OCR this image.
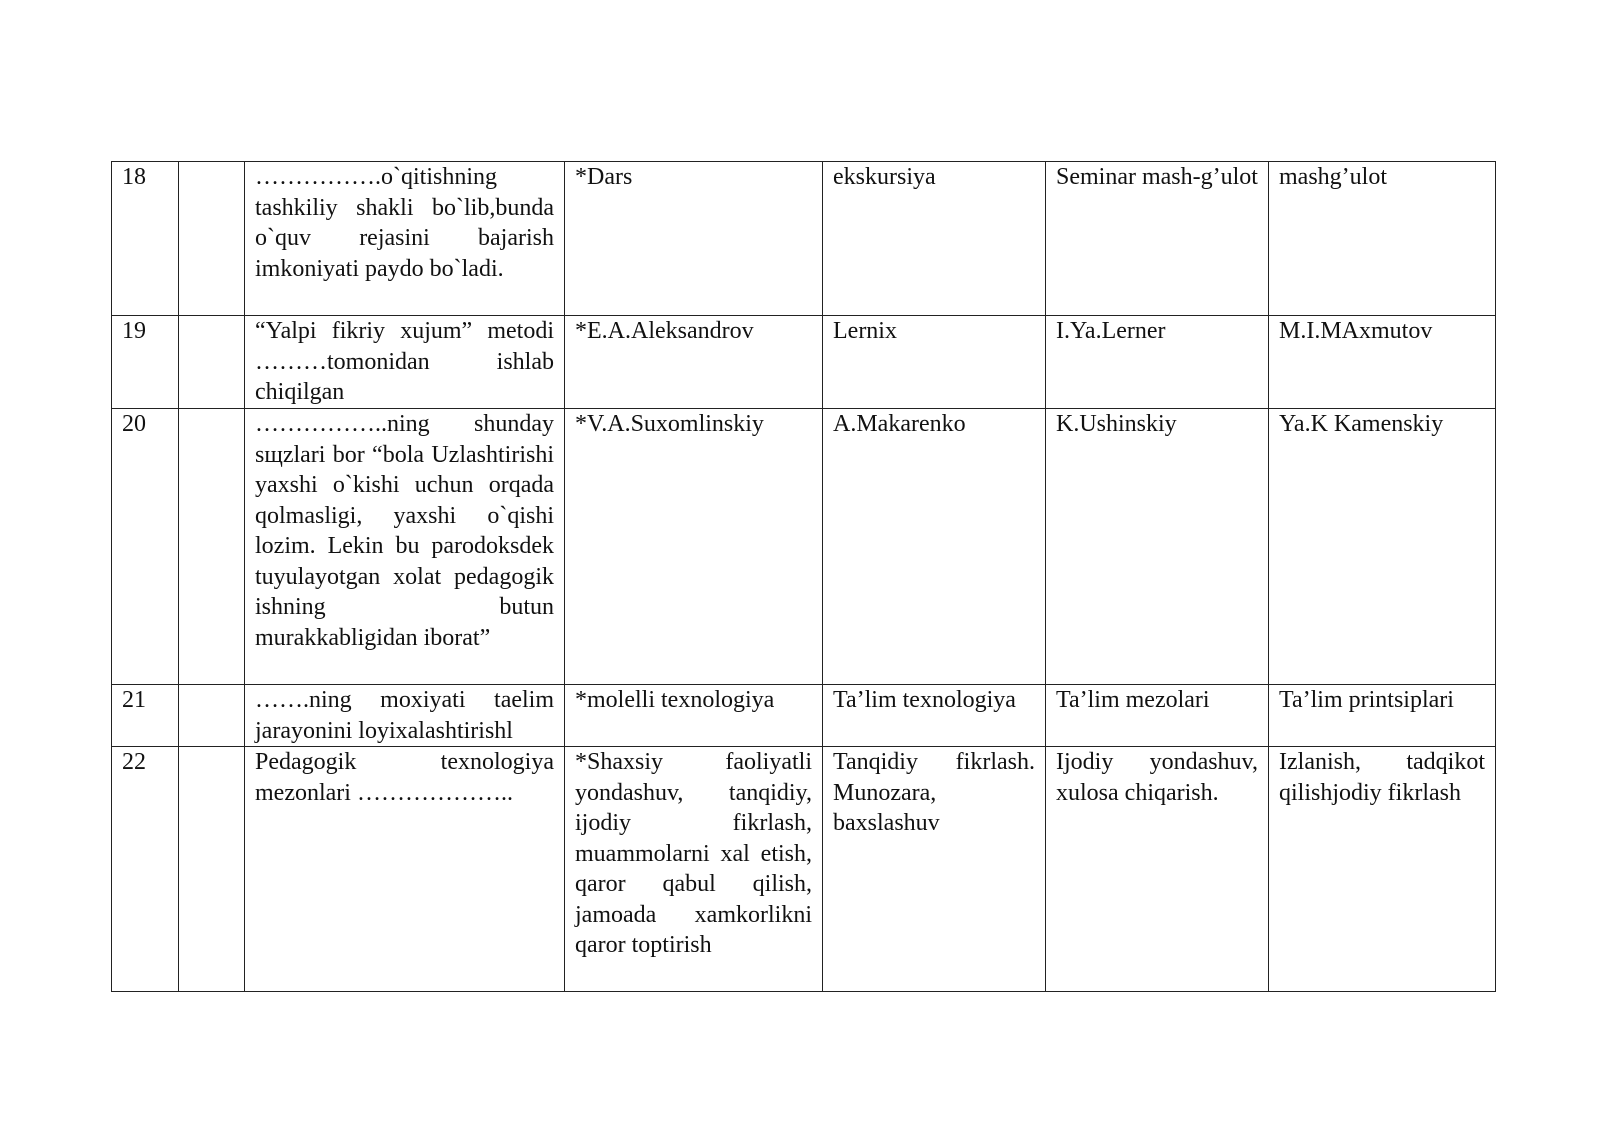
18		…………….o`qitishning tashkiliy shakli bo`lib,bunda o`quv rejasini bajarish imkoniyati paydo bo`ladi.	*Dars	ekskursiya	Seminar mash-g’ulot	mashg’ulot
19		“Yalpi fikriy xujum” metodi ………tomonidan ishlab chiqilgan	*E.A.Aleksandrov	Lernix	I.Ya.Lerner	M.I.MAxmutov
20		……………..ning shunday sщzlari bor “bola Uzlashtirishi yaxshi o`kishi uchun orqada qolmasligi, yaxshi o`qishi lozim. Lekin bu parodoksdek tuyulayotgan xolat pedagogik ishning butun murakkabligidan iborat”	*V.A.Suxomlinskiy	A.Makarenko	K.Ushinskiy	Ya.K Kamenskiy
21		…….ning moxiyati taelim jarayonini loyixalashtirishl	*molelli texnologiya	Ta’lim texnologiya	Ta’lim mezolari	Ta’lim printsiplari
22		Pedagogik texnologiya mezonlari ………………..	*Shaxsiy faoliyatli yondashuv, tanqidiy, ijodiy fikrlash, muammolarni xal etish, qaror qabul qilish, jamoada xamkorlikni qaror toptirish	Tanqidiy fikrlash. Munozara, baxslashuv	Ijodiy yondashuv, xulosa chiqarish.	Izlanish, tadqikot qilishjodiy fikrlash
